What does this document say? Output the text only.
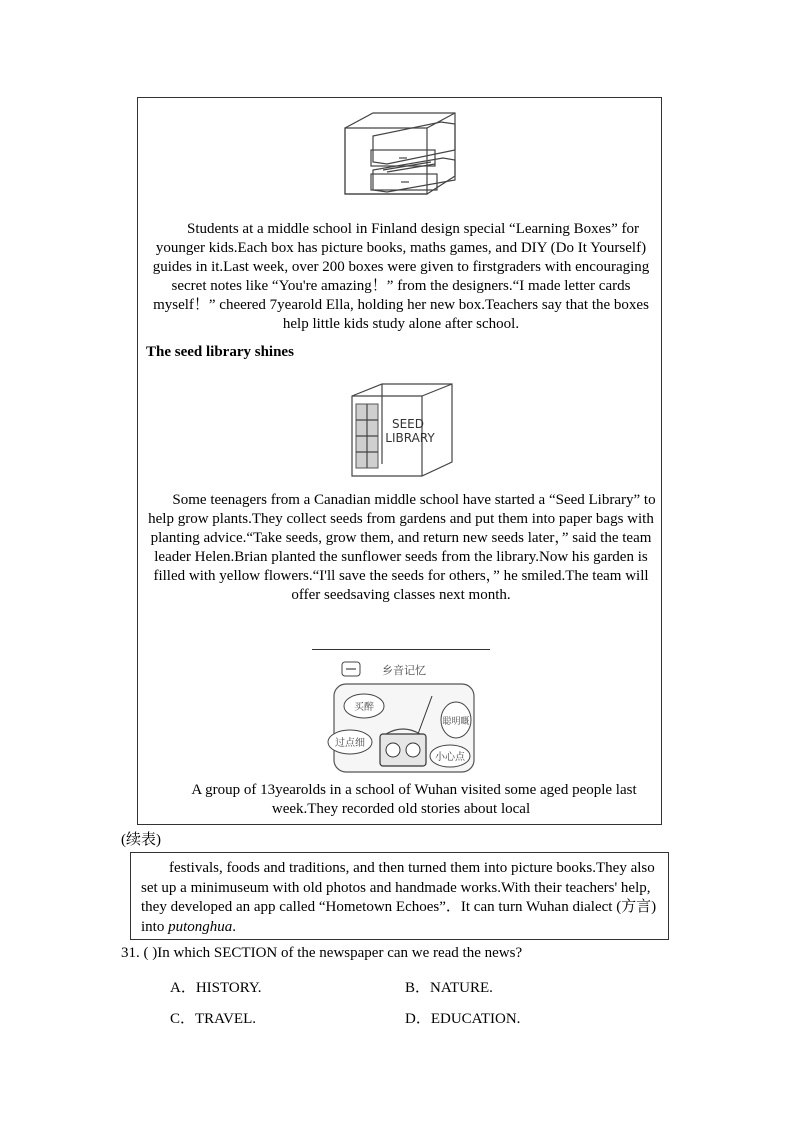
Students at a middle school in Finland design special “Learning Boxes” for younger kids.Each box has picture books, maths games, and DIY (Do It Yourself) guides in it.Last week, over 200 boxes were given to firstgraders with encouraging secret notes like “You're amazing！” from the designers.“I made letter cards myself！” cheered 7yearold Ella, holding her new box.Teachers say that the boxes help little kids study alone after school.
The seed library shines
SEED
LIBRARY
Some teenagers from a Canadian middle school have started a “Seed Library” to help grow plants.They collect seeds from gardens and put them into paper bags with planting advice.“Take seeds, grow them, and return new seeds later，” said the team leader Helen.Brian planted the sunflower seeds from the library.Now his garden is filled with yellow flowers.“I'll save the seeds for others，” he smiled.The team will offer seedsaving classes next month.
乡音记忆
买醉
过点细
聪明嘅
小心点
A group of 13yearolds in a school of Wuhan visited some aged people last week.They recorded old stories about local
(续表)
festivals, foods and traditions, and then turned them into picture books.They also set up a minimuseum with old photos and handmade works.With their teachers' help, they developed an app called “Hometown Echoes”．It can turn Wuhan dialect (方言) into putonghua.
31. ( )In which SECTION of the newspaper can we read the news?
A．HISTORY.	B．NATURE.
C．TRAVEL.	D．EDUCATION.
